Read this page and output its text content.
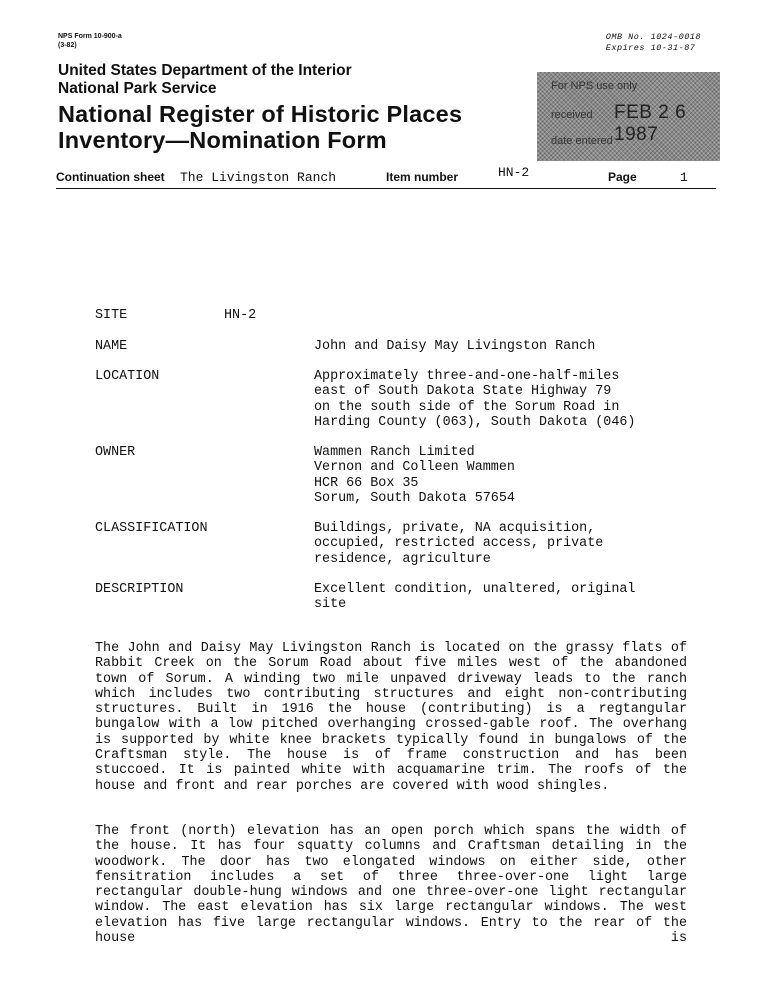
NPS Form 10-900-a
(3-82)
OMB No. 1024-0018
Expires 10-31-87
United States Department of the Interior
National Park Service
National Register of Historic Places
Inventory—Nomination Form
For NPS use only
received FEB 2 6 1987
date entered
Continuation sheet The Livingston Ranch	Item number	HN-2	Page	1
SITE	HN-2
NAME	John and Daisy May Livingston Ranch
LOCATION	Approximately three-and-one-half-miles
east of South Dakota State Highway 79
on the south side of the Sorum Road in
Harding County (063), South Dakota (046)
OWNER	Wammen Ranch Limited
Vernon and Colleen Wammen
HCR 66 Box 35
Sorum, South Dakota 57654
CLASSIFICATION	Buildings, private, NA acquisition,
occupied, restricted access, private
residence, agriculture
DESCRIPTION	Excellent condition, unaltered, original
site

The John and Daisy May Livingston Ranch is located on the grassy flats of Rabbit Creek on the Sorum Road about five miles west of the abandoned town of Sorum. A winding two mile unpaved driveway leads to the ranch which includes two contributing structures and eight non-contributing structures. Built in 1916 the house (contributing) is a regtangular bungalow with a low pitched overhanging crossed-gable roof. The overhang is supported by white knee brackets typically found in bungalows of the Craftsman style. The house is of frame construction and has been stuccoed. It is painted white with acquamarine trim. The roofs of the house and front and rear porches are covered with wood shingles.

The front (north) elevation has an open porch which spans the width of the house. It has four squatty columns and Craftsman detailing in the woodwork. The door has two elongated windows on either side, other fensitration includes a set of three three-over-one light large rectangular double-hung windows and one three-over-one light rectangular window. The east elevation has six large rectangular windows. The west elevation has five large rectangular windows. Entry to the rear of the house is
